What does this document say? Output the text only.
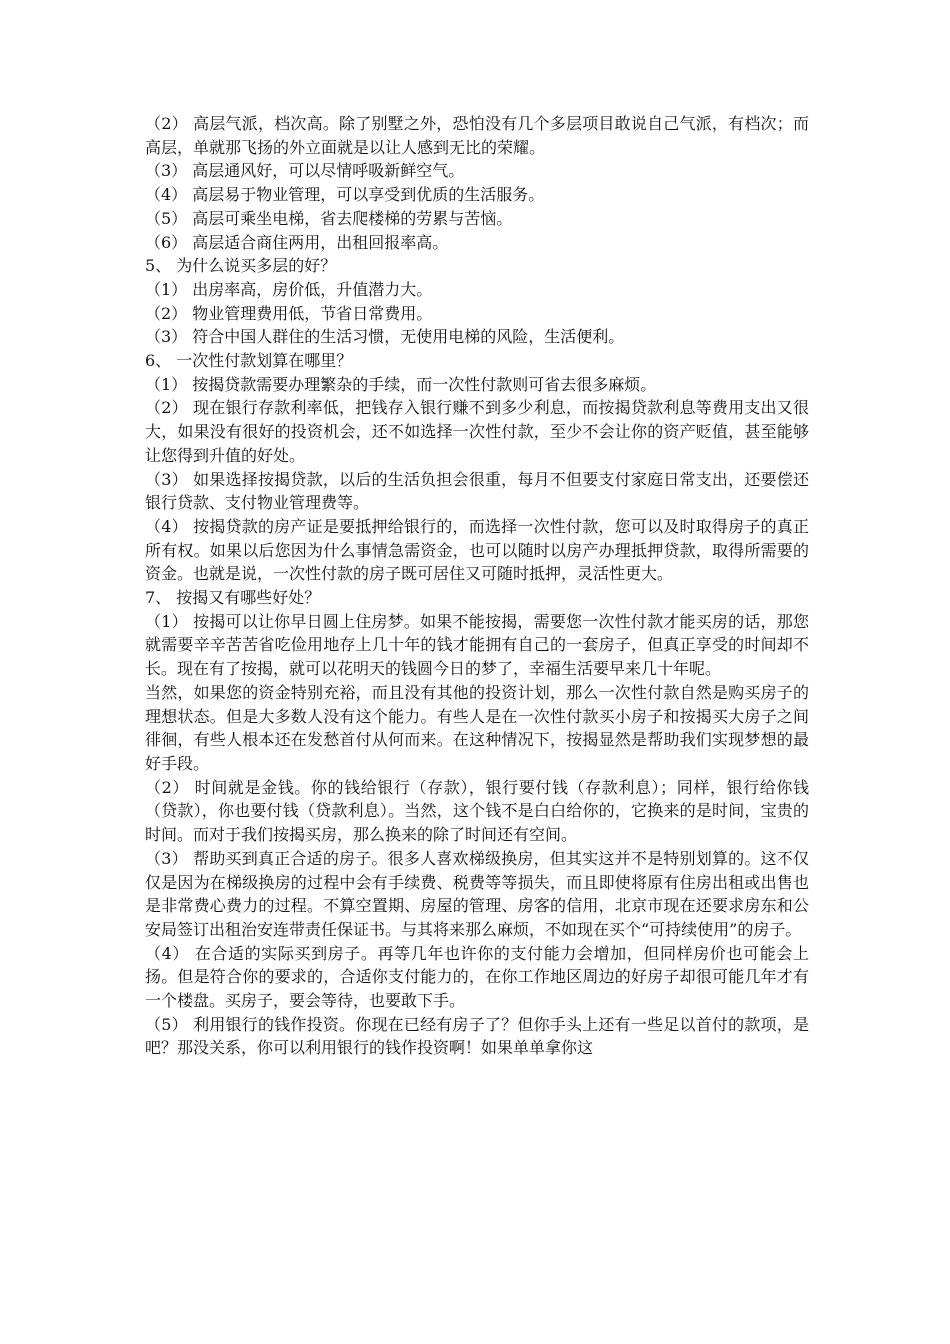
（2） 高层气派，档次高。除了别墅之外，恐怕没有几个多层项目敢说自己气派，有档次；而高层，单就那飞扬的外立面就是以让人感到无比的荣耀。

（3） 高层通风好，可以尽情呼吸新鲜空气。

（4） 高层易于物业管理，可以享受到优质的生活服务。

（5） 高层可乘坐电梯，省去爬楼梯的劳累与苦恼。

（6） 高层适合商住两用，出租回报率高。

5、 为什么说买多层的好？

（1） 出房率高，房价低，升值潜力大。

（2） 物业管理费用低，节省日常费用。

（3） 符合中国人群住的生活习惯，无使用电梯的风险，生活便利。

6、 一次性付款划算在哪里？

（1） 按揭贷款需要办理繁杂的手续，而一次性付款则可省去很多麻烦。

（2） 现在银行存款利率低，把钱存入银行赚不到多少利息，而按揭贷款利息等费用支出又很大，如果没有很好的投资机会，还不如选择一次性付款，至少不会让你的资产贬值，甚至能够让您得到升值的好处。

（3） 如果选择按揭贷款，以后的生活负担会很重，每月不但要支付家庭日常支出，还要偿还银行贷款、支付物业管理费等。

（4） 按揭贷款的房产证是要抵押给银行的，而选择一次性付款，您可以及时取得房子的真正所有权。如果以后您因为什么事情急需资金，也可以随时以房产办理抵押贷款，取得所需要的资金。也就是说，一次性付款的房子既可居住又可随时抵押，灵活性更大。

7、 按揭又有哪些好处？

（1） 按揭可以让你早日圆上住房梦。如果不能按揭，需要您一次性付款才能买房的话，那您就需要辛辛苦苦省吃俭用地存上几十年的钱才能拥有自己的一套房子，但真正享受的时间却不长。现在有了按揭，就可以花明天的钱圆今日的梦了，幸福生活要早来几十年呢。

当然，如果您的资金特别充裕，而且没有其他的投资计划，那么一次性付款自然是购买房子的理想状态。但是大多数人没有这个能力。有些人是在一次性付款买小房子和按揭买大房子之间徘徊，有些人根本还在发愁首付从何而来。在这种情况下，按揭显然是帮助我们实现梦想的最好手段。

（2） 时间就是金钱。你的钱给银行（存款），银行要付钱（存款利息）；同样，银行给你钱（贷款），你也要付钱（贷款利息）。当然，这个钱不是白白给你的，它换来的是时间，宝贵的时间。而对于我们按揭买房，那么换来的除了时间还有空间。

（3） 帮助买到真正合适的房子。很多人喜欢梯级换房，但其实这并不是特别划算的。这不仅仅是因为在梯级换房的过程中会有手续费、税费等等损失，而且即使将原有住房出租或出售也是非常费心费力的过程。不算空置期、房屋的管理、房客的信用，北京市现在还要求房东和公安局签订出租治安连带责任保证书。与其将来那么麻烦，不如现在买个“可持续使用”的房子。

（4） 在合适的实际买到房子。再等几年也许你的支付能力会增加，但同样房价也可能会上扬。但是符合你的要求的，合适你支付能力的，在你工作地区周边的好房子却很可能几年才有一个楼盘。买房子，要会等待，也要敢下手。

（5） 利用银行的钱作投资。你现在已经有房子了？但你手头上还有一些足以首付的款项，是吧？那没关系，你可以利用银行的钱作投资啊！如果单单拿你这
